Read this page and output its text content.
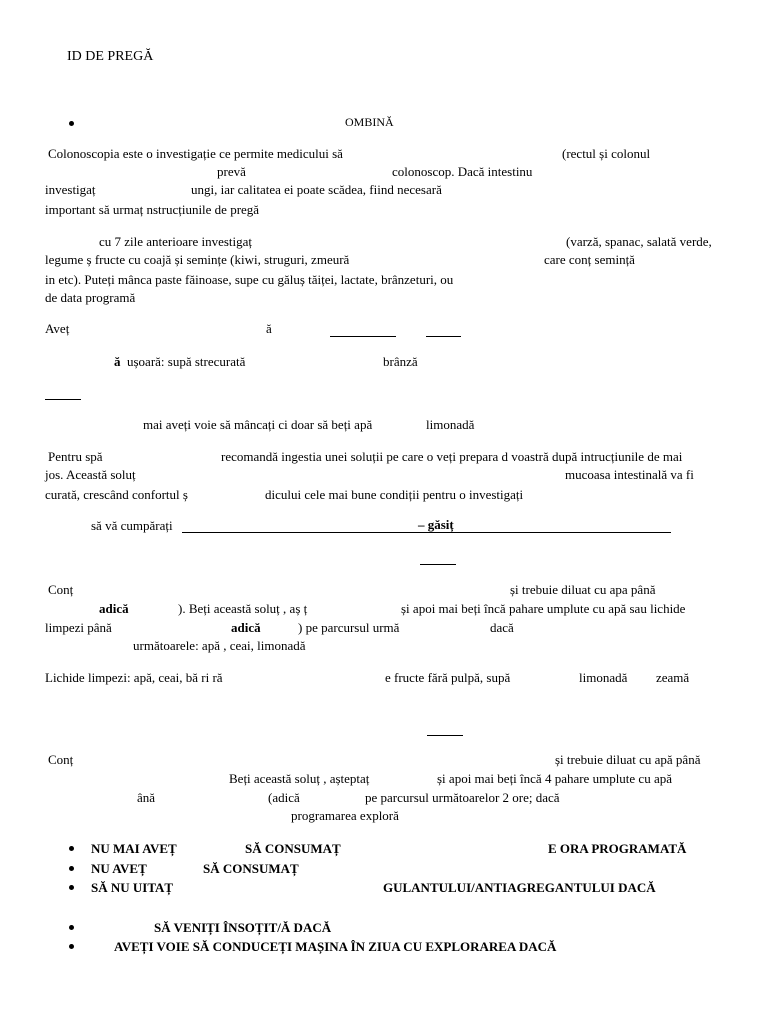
ID DE PREGĂ
OMBINĂ
Colonoscopia este o investigație ce permite medicului să	(rectul și colonul
prevă	colonoscop. Dacă intestinu
investigaț	ungi, iar calitatea ei poate scădea, fiind necesară
important să urmaț nstrucțiunile de pregă
cu 7 zile anterioare investigaț	(varză, spanac, salată verde,
legume ș fructe cu coajă și semințe (kiwi, struguri, zmeură	care conț semință
in etc). Puteți mânca paste făinoase, supe cu găluș tăiței, lactate, brânzeturi, ou
de data programă
Aveț	ă
ă ușoară: supă strecurată	brânză
mai aveți voie să mâncați ci doar să beți apă	limonadă
Pentru spă	recomandă ingestia unei soluții pe care o veți prepara d voastră după intrucțiunile de mai
jos. Această soluț	mucoasa intestinală va fi
curată, crescând confortul ș	dicului cele mai bune condiții pentru o investigați
să vă cumpărați	– găsiț
Conț	și trebuie diluat cu apa până
adică	). Beți această soluț , aș ț	și apoi mai beți încă pahare umplute cu apă sau lichide
limpezi până	adică	) pe parcursul urmă	dacă
următoarele: apă , ceai, limonadă
Lichide limpezi: apă, ceai, bă ri ră	e fructe fără pulpă, supă	limonadă zeamă
Conț	și trebuie diluat cu apă până
Beți această soluț , așteptaț	și apoi mai beți încă 4 pahare umplute cu apă
ână	(adică	pe parcursul următoarelor 2 ore; dacă
programarea exploră
NU MAI AVEȚ	SĂ CONSUMAȚ	E ORA PROGRAMATĂ
NU AVEȚ	SĂ CONSUMAȚ
SĂ NU UITAȚ	GULANTULUI/ANTIAGREGANTULUI DACĂ
SĂ VENIȚI ÎNSOȚIT/Ă DACĂ
AVEȚI VOIE SĂ CONDUCEȚI MAȘINA ÎN ZIUA CU EXPLORAREA DACĂ
